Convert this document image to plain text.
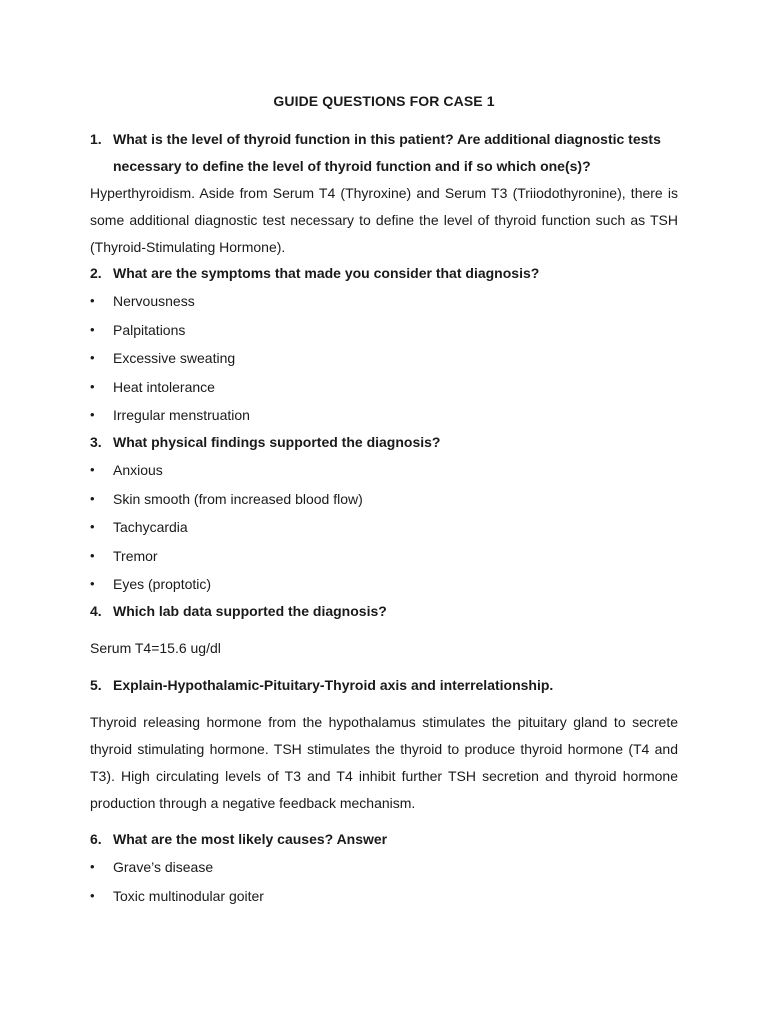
GUIDE QUESTIONS FOR CASE 1
1. What is the level of thyroid function in this patient? Are additional diagnostic tests necessary to define the level of thyroid function and if so which one(s)?
Hyperthyroidism. Aside from Serum T4 (Thyroxine) and Serum T3 (Triiodothyronine), there is some additional diagnostic test necessary to define the level of thyroid function such as TSH (Thyroid-Stimulating Hormone).
2. What are the symptoms that made you consider that diagnosis?
•	Nervousness
•	Palpitations
•	Excessive sweating
•	Heat intolerance
•	Irregular menstruation
3. What physical findings supported the diagnosis?
•	Anxious
•	Skin smooth (from increased blood flow)
•	Tachycardia
•	Tremor
•	Eyes (proptotic)
4. Which lab data supported the diagnosis?
Serum T4=15.6 ug/dl
5. Explain-Hypothalamic-Pituitary-Thyroid axis and interrelationship.
Thyroid releasing hormone from the hypothalamus stimulates the pituitary gland to secrete thyroid stimulating hormone. TSH stimulates the thyroid to produce thyroid hormone (T4 and T3). High circulating levels of T3 and T4 inhibit further TSH secretion and thyroid hormone production through a negative feedback mechanism.
6. What are the most likely causes? Answer
•	Grave’s disease
•	Toxic multinodular goiter
